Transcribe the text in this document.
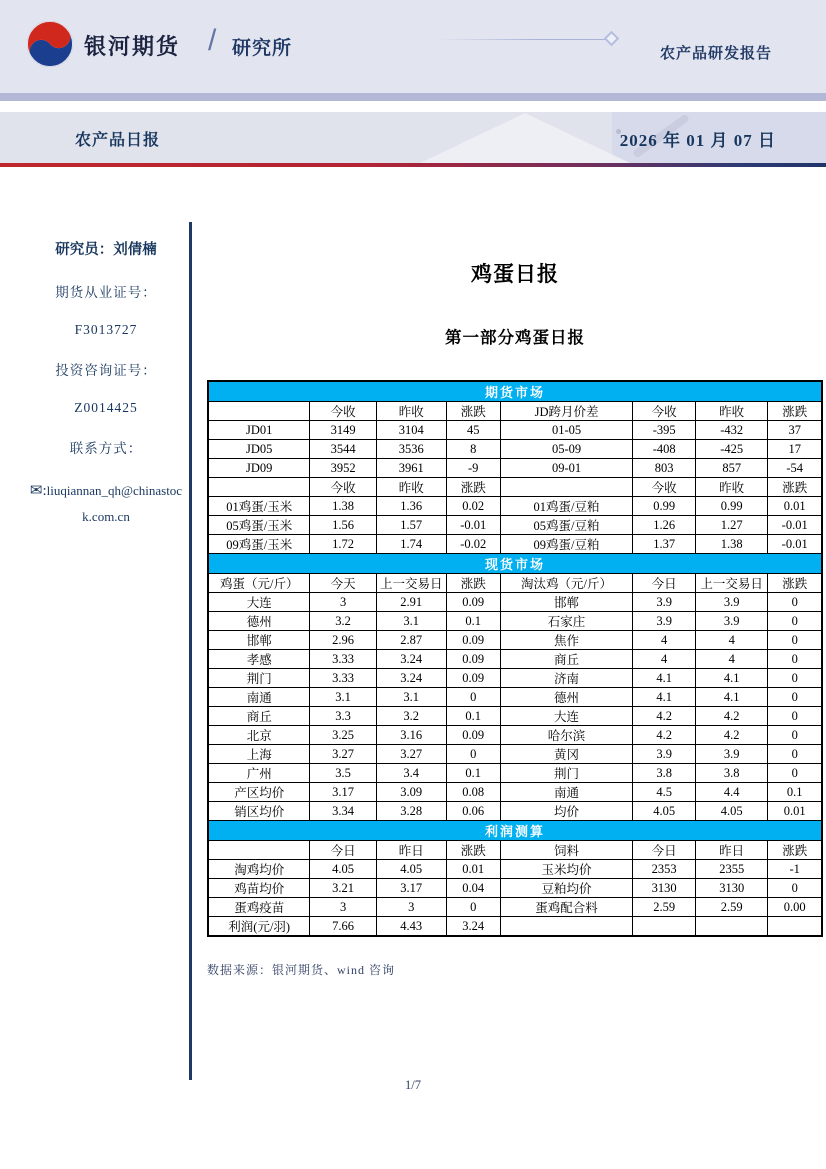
银河期货 / 研究所	农产品研发报告
农产品日报	2026 年 01 月 07 日
研究员：刘倩楠
期货从业证号：
F3013727
投资咨询证号：
Z0014425
联系方式：
✉:liuqiannan_qh@chinastock.com.cn
鸡蛋日报
第一部分鸡蛋日报
期货市场							
	今收	昨收	涨跌	JD跨月价差	今收	昨收	涨跌
JD01	3149	3104	45	01-05	-395	-432	37
JD05	3544	3536	8	05-09	-408	-425	17
JD09	3952	3961	-9	09-01	803	857	-54
	今收	昨收	涨跌		今收	昨收	涨跌
01鸡蛋/玉米	1.38	1.36	0.02	01鸡蛋/豆粕	0.99	0.99	0.01
05鸡蛋/玉米	1.56	1.57	-0.01	05鸡蛋/豆粕	1.26	1.27	-0.01
09鸡蛋/玉米	1.72	1.74	-0.02	09鸡蛋/豆粕	1.37	1.38	-0.01
现货市场							
鸡蛋（元/斤）	今天	上一交易日	涨跌	淘汰鸡（元/斤）	今日	上一交易日	涨跌
大连	3	2.91	0.09	邯郸	3.9	3.9	0
德州	3.2	3.1	0.1	石家庄	3.9	3.9	0
邯郸	2.96	2.87	0.09	焦作	4	4	0
孝感	3.33	3.24	0.09	商丘	4	4	0
荆门	3.33	3.24	0.09	济南	4.1	4.1	0
南通	3.1	3.1	0	德州	4.1	4.1	0
商丘	3.3	3.2	0.1	大连	4.2	4.2	0
北京	3.25	3.16	0.09	哈尔滨	4.2	4.2	0
上海	3.27	3.27	0	黄冈	3.9	3.9	0
广州	3.5	3.4	0.1	荆门	3.8	3.8	0
产区均价	3.17	3.09	0.08	南通	4.5	4.4	0.1
销区均价	3.34	3.28	0.06	均价	4.05	4.05	0.01
利润测算							
	今日	昨日	涨跌	饲料	今日	昨日	涨跌
淘鸡均价	4.05	4.05	0.01	玉米均价	2353	2355	-1
鸡苗均价	3.21	3.17	0.04	豆粕均价	3130	3130	0
蛋鸡疫苗	3	3	0	蛋鸡配合料	2.59	2.59	0.00
利润(元/羽)	7.66	4.43	3.24				
数据来源：银河期货、wind 咨询
1/7
